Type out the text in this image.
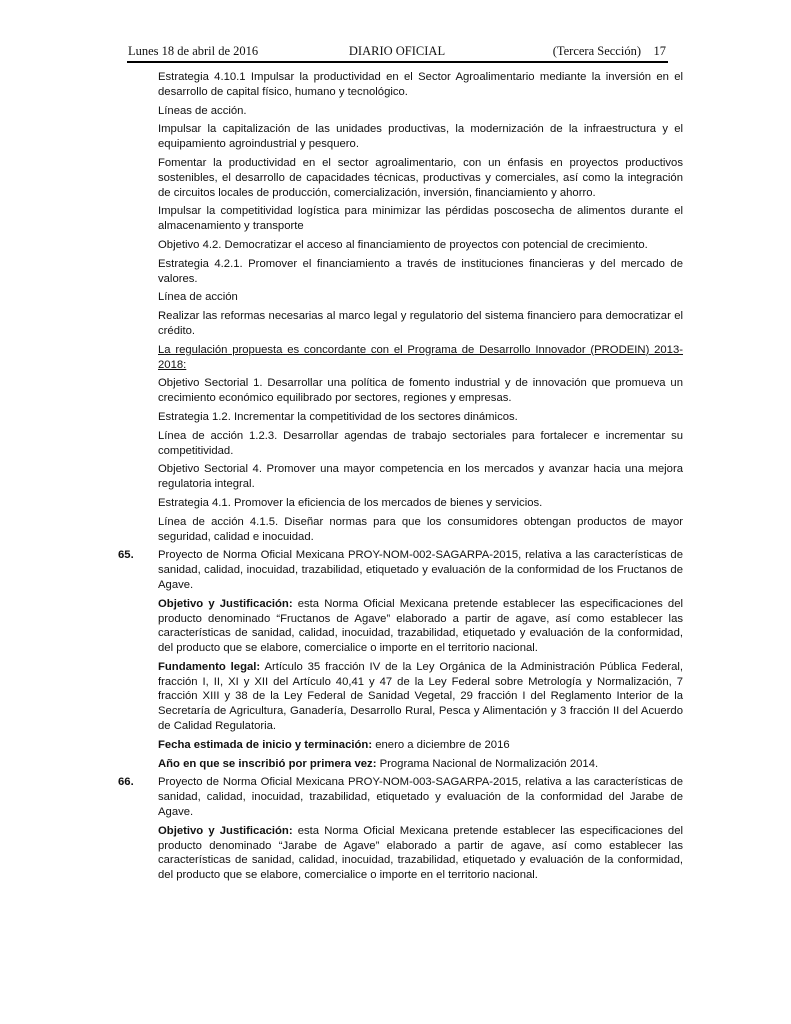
Lunes 18 de abril de 2016	DIARIO OFICIAL	(Tercera Sección) 17

Estrategia 4.10.1 Impulsar la productividad en el Sector Agroalimentario mediante la inversión en el desarrollo de capital físico, humano y tecnológico.

Líneas de acción.

Impulsar la capitalización de las unidades productivas, la modernización de la infraestructura y el equipamiento agroindustrial y pesquero.

Fomentar la productividad en el sector agroalimentario, con un énfasis en proyectos productivos sostenibles, el desarrollo de capacidades técnicas, productivas y comerciales, así como la integración de circuitos locales de producción, comercialización, inversión, financiamiento y ahorro.

Impulsar la competitividad logística para minimizar las pérdidas poscosecha de alimentos durante el almacenamiento y transporte

Objetivo 4.2. Democratizar el acceso al financiamiento de proyectos con potencial de crecimiento.

Estrategia 4.2.1. Promover el financiamiento a través de instituciones financieras y del mercado de valores.

Línea de acción

Realizar las reformas necesarias al marco legal y regulatorio del sistema financiero para democratizar el crédito.

La regulación propuesta es concordante con el Programa de Desarrollo Innovador (PRODEIN) 2013-2018:

Objetivo Sectorial 1. Desarrollar una política de fomento industrial y de innovación que promueva un crecimiento económico equilibrado por sectores, regiones y empresas.

Estrategia 1.2. Incrementar la competitividad de los sectores dinámicos.

Línea de acción 1.2.3. Desarrollar agendas de trabajo sectoriales para fortalecer e incrementar su competitividad.

Objetivo Sectorial 4. Promover una mayor competencia en los mercados y avanzar hacia una mejora regulatoria integral.

Estrategia 4.1. Promover la eficiencia de los mercados de bienes y servicios.

Línea de acción 4.1.5. Diseñar normas para que los consumidores obtengan productos de mayor seguridad, calidad e inocuidad.

65. Proyecto de Norma Oficial Mexicana PROY-NOM-002-SAGARPA-2015, relativa a las características de sanidad, calidad, inocuidad, trazabilidad, etiquetado y evaluación de la conformidad de los Fructanos de Agave.

Objetivo y Justificación: esta Norma Oficial Mexicana pretende establecer las especificaciones del producto denominado “Fructanos de Agave” elaborado a partir de agave, así como establecer las características de sanidad, calidad, inocuidad, trazabilidad, etiquetado y evaluación de la conformidad, del producto que se elabore, comercialice o importe en el territorio nacional.

Fundamento legal: Artículo 35 fracción IV de la Ley Orgánica de la Administración Pública Federal, fracción I, II, XI y XII del Artículo 40,41 y 47 de la Ley Federal sobre Metrología y Normalización, 7 fracción XIII y 38 de la Ley Federal de Sanidad Vegetal, 29 fracción I del Reglamento Interior de la Secretaría de Agricultura, Ganadería, Desarrollo Rural, Pesca y Alimentación y 3 fracción II del Acuerdo de Calidad Regulatoria.

Fecha estimada de inicio y terminación: enero a diciembre de 2016

Año en que se inscribió por primera vez: Programa Nacional de Normalización 2014.

66. Proyecto de Norma Oficial Mexicana PROY-NOM-003-SAGARPA-2015, relativa a las características de sanidad, calidad, inocuidad, trazabilidad, etiquetado y evaluación de la conformidad del Jarabe de Agave.

Objetivo y Justificación: esta Norma Oficial Mexicana pretende establecer las especificaciones del producto denominado “Jarabe de Agave” elaborado a partir de agave, así como establecer las características de sanidad, calidad, inocuidad, trazabilidad, etiquetado y evaluación de la conformidad, del producto que se elabore, comercialice o importe en el territorio nacional.
